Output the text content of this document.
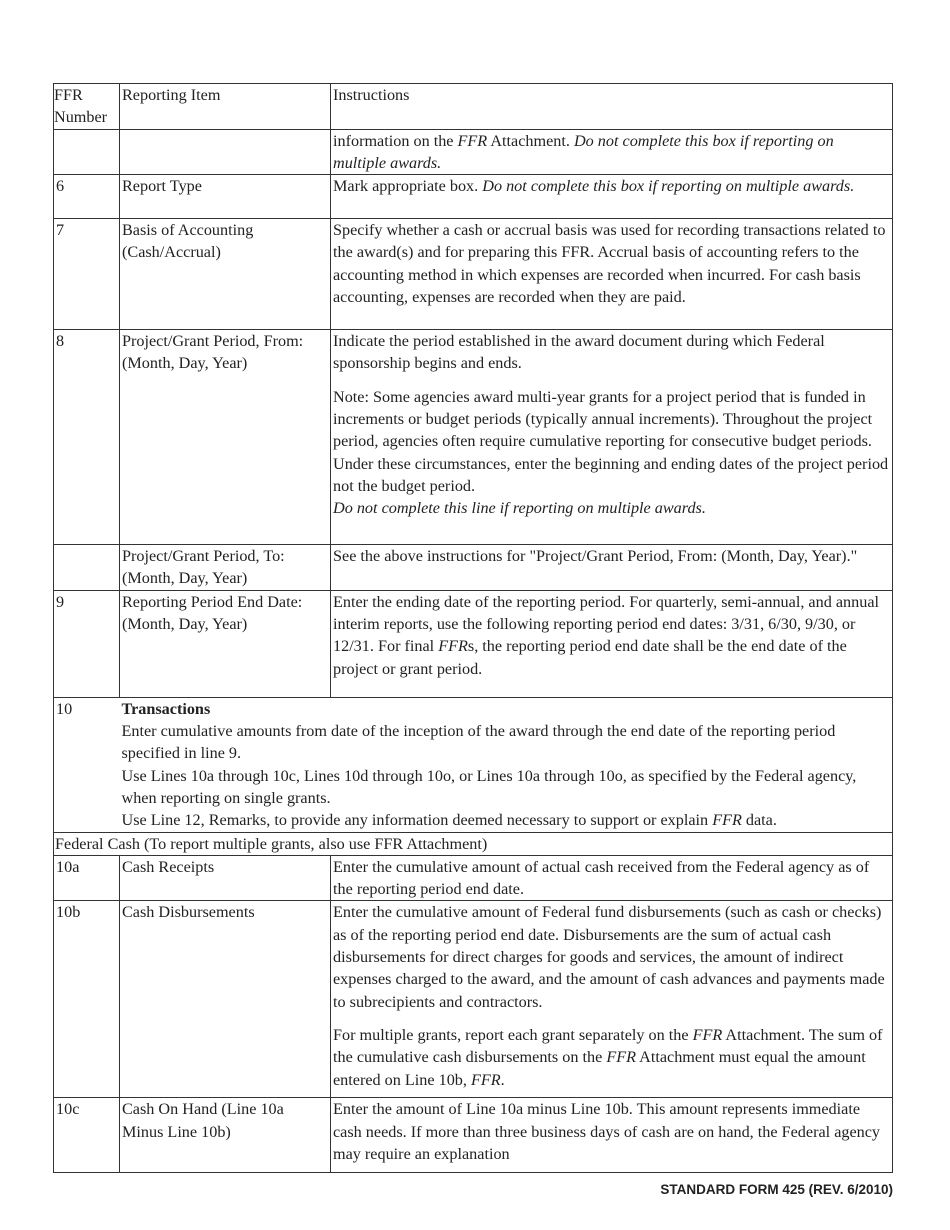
FFR
Number	Reporting Item	Instructions
		information on the FFR Attachment. Do not complete this box if reporting on multiple awards.
6	Report Type	Mark appropriate box. Do not complete this box if reporting on multiple awards.
7	Basis of Accounting (Cash/Accrual)	Specify whether a cash or accrual basis was used for recording transactions related to the award(s) and for preparing this FFR. Accrual basis of accounting refers to the accounting method in which expenses are recorded when incurred. For cash basis accounting, expenses are recorded when they are paid.
8	Project/Grant Period, From: (Month, Day, Year)	Indicate the period established in the award document during which Federal sponsorship begins and ends.
Note: Some agencies award multi-year grants for a project period that is funded in increments or budget periods (typically annual increments). Throughout the project period, agencies often require cumulative reporting for consecutive budget periods. Under these circumstances, enter the beginning and ending dates of the project period not the budget period.
Do not complete this line if reporting on multiple awards.

	Project/Grant Period, To: (Month, Day, Year)	See the above instructions for "Project/Grant Period, From: (Month, Day, Year)."
9	Reporting Period End Date: (Month, Day, Year)	Enter the ending date of the reporting period. For quarterly, semi-annual, and annual interim reports, use the following reporting period end dates: 3/31, 6/30, 9/30, or 12/31. For final FFRs, the reporting period end date shall be the end date of the project or grant period.
10	Transactions
Enter cumulative amounts from date of the inception of the award through the end date of the reporting period specified in line 9.
Use Lines 10a through 10c, Lines 10d through 10o, or Lines 10a through 10o, as specified by the Federal agency, when reporting on single grants.
Use Line 12, Remarks, to provide any information deemed necessary to support or explain FFR data.	

Federal Cash (To report multiple grants, also use FFR Attachment)		
10a	Cash Receipts	Enter the cumulative amount of actual cash received from the Federal agency as of the reporting period end date.
10b	Cash Disbursements	Enter the cumulative amount of Federal fund disbursements (such as cash or checks) as of the reporting period end date. Disbursements are the sum of actual cash disbursements for direct charges for goods and services, the amount of indirect expenses charged to the award, and the amount of cash advances and payments made to subrecipients and contractors.
For multiple grants, report each grant separately on the FFR Attachment. The sum of the cumulative cash disbursements on the FFR Attachment must equal the amount entered on Line 10b, FFR.

10c	Cash On Hand (Line 10a Minus Line 10b)	Enter the amount of Line 10a minus Line 10b. This amount represents immediate cash needs. If more than three business days of cash are on hand, the Federal agency may require an explanation
STANDARD FORM 425 (REV. 6/2010)
